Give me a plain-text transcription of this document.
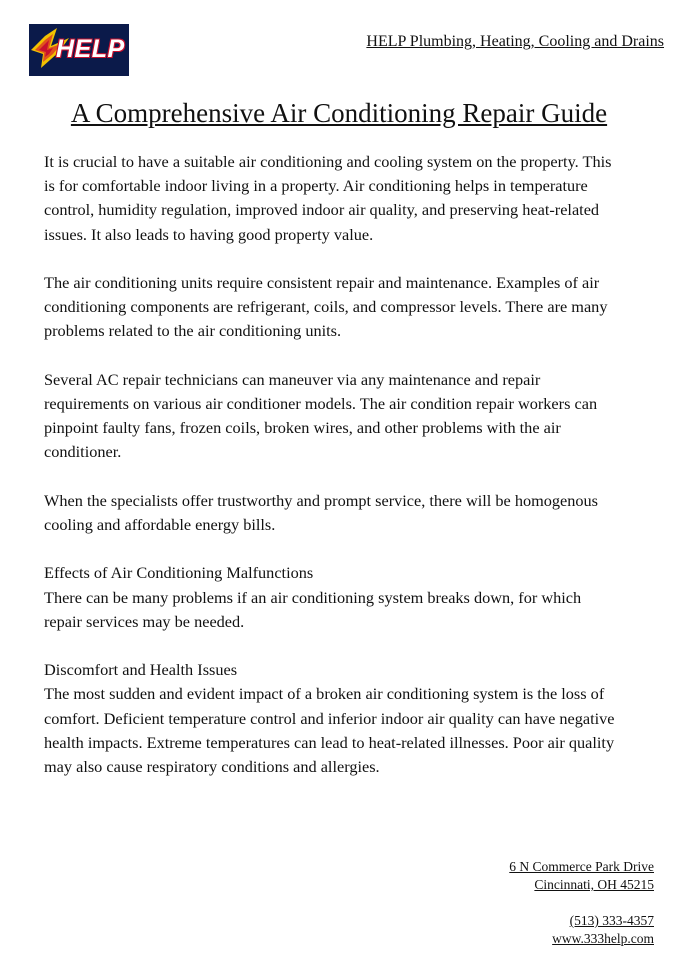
HELP	HELP Plumbing, Heating, Cooling and Drains
A Comprehensive Air Conditioning Repair Guide

It is crucial to have a suitable air conditioning and cooling system on the property. This is for comfortable indoor living in a property. Air conditioning helps in temperature control, humidity regulation, improved indoor air quality, and preserving heat-related issues. It also leads to having good property value.

The air conditioning units require consistent repair and maintenance. Examples of air conditioning components are refrigerant, coils, and compressor levels. There are many problems related to the air conditioning units.

Several AC repair technicians can maneuver via any maintenance and repair requirements on various air conditioner models. The air condition repair workers can pinpoint faulty fans, frozen coils, broken wires, and other problems with the air conditioner.

When the specialists offer trustworthy and prompt service, there will be homogenous cooling and affordable energy bills.

Effects of Air Conditioning Malfunctions
There can be many problems if an air conditioning system breaks down, for which repair services may be needed.

Discomfort and Health Issues
The most sudden and evident impact of a broken air conditioning system is the loss of comfort. Deficient temperature control and inferior indoor air quality can have negative health impacts. Extreme temperatures can lead to heat-related illnesses. Poor air quality may also cause respiratory conditions and allergies.

6 N Commerce Park Drive
Cincinnati, OH 45215
(513) 333-4357
www.333help.com
